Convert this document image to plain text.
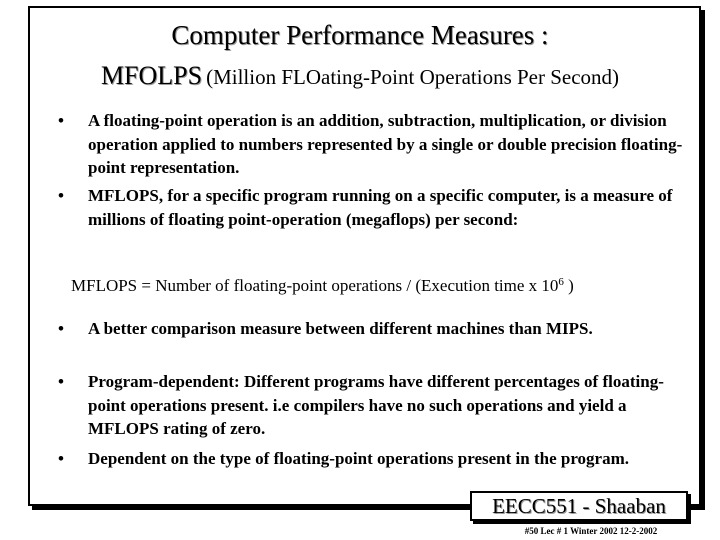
Computer Performance Measures :
MFOLPS (Million FLOating-Point Operations Per Second)
• A floating-point operation is an addition, subtraction, multiplication, or division operation applied to numbers represented by a single or double precision floating-point representation.
• MFLOPS, for a specific program running on a specific computer, is a measure of millions of floating point-operation (megaflops) per second:
MFLOPS = Number of floating-point operations / (Execution time x $10^6$ )
• A better comparison measure between different machines than MIPS.
• Program-dependent: Different programs have different percentages of floating-point operations present. i.e compilers have no such operations and yield a MFLOPS rating of zero.
• Dependent on the type of floating-point operations present in the program.
EECC551 - Shaaban
#50 Lec # 1 Winter 2002 12-2-2002
